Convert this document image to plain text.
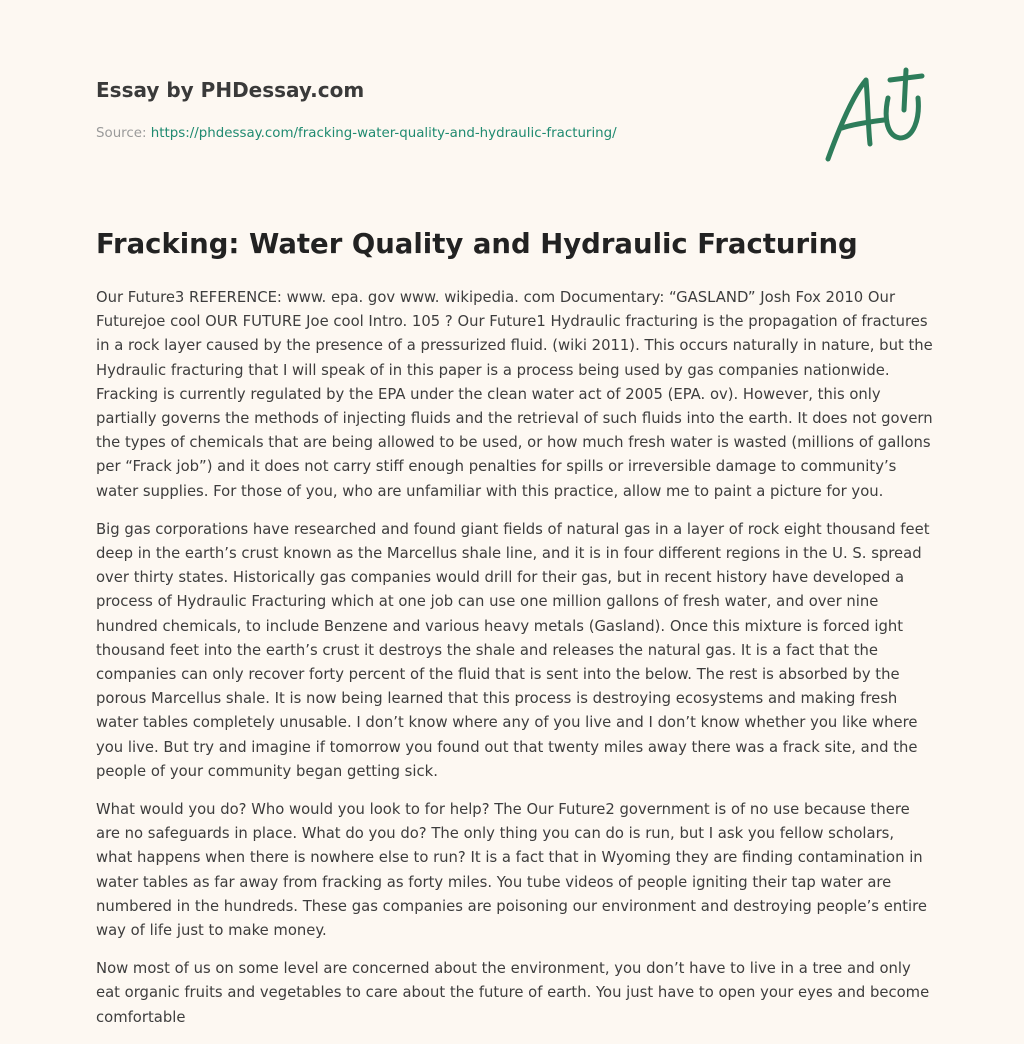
Essay by PHDessay.com
Source: https://phdessay.com/fracking-water-quality-and-hydraulic-fracturing/
Fracking: Water Quality and Hydraulic Fracturing

Our Future3 REFERENCE: www. epa. gov www. wikipedia. com Documentary: “GASLAND” Josh Fox 2010 Our Futurejoe cool OUR FUTURE Joe cool Intro. 105 ? Our Future1 Hydraulic fracturing is the propagation of fractures in a rock layer caused by the presence of a pressurized fluid. (wiki 2011). This occurs naturally in nature, but the Hydraulic fracturing that I will speak of in this paper is a process being used by gas companies nationwide. Fracking is currently regulated by the EPA under the clean water act of 2005 (EPA. ov). However, this only partially governs the methods of injecting fluids and the retrieval of such fluids into the earth. It does not govern the types of chemicals that are being allowed to be used, or how much fresh water is wasted (millions of gallons per “Frack job”) and it does not carry stiff enough penalties for spills or irreversible damage to community’s water supplies. For those of you, who are unfamiliar with this practice, allow me to paint a picture for you.

Big gas corporations have researched and found giant fields of natural gas in a layer of rock eight thousand feet deep in the earth’s crust known as the Marcellus shale line, and it is in four different regions in the U. S. spread over thirty states. Historically gas companies would drill for their gas, but in recent history have developed a process of Hydraulic Fracturing which at one job can use one million gallons of fresh water, and over nine hundred chemicals, to include Benzene and various heavy metals (Gasland). Once this mixture is forced ight thousand feet into the earth’s crust it destroys the shale and releases the natural gas. It is a fact that the companies can only recover forty percent of the fluid that is sent into the below. The rest is absorbed by the porous Marcellus shale. It is now being learned that this process is destroying ecosystems and making fresh water tables completely unusable. I don’t know where any of you live and I don’t know whether you like where you live. But try and imagine if tomorrow you found out that twenty miles away there was a frack site, and the people of your community began getting sick.

What would you do? Who would you look to for help? The Our Future2 government is of no use because there are no safeguards in place. What do you do? The only thing you can do is run, but I ask you fellow scholars, what happens when there is nowhere else to run? It is a fact that in Wyoming they are finding contamination in water tables as far away from fracking as forty miles. You tube videos of people igniting their tap water are numbered in the hundreds. These gas companies are poisoning our environment and destroying people’s entire way of life just to make money.

Now most of us on some level are concerned about the environment, you don’t have to live in a tree and only eat organic fruits and vegetables to care about the future of earth. You just have to open your eyes and become comfortable
